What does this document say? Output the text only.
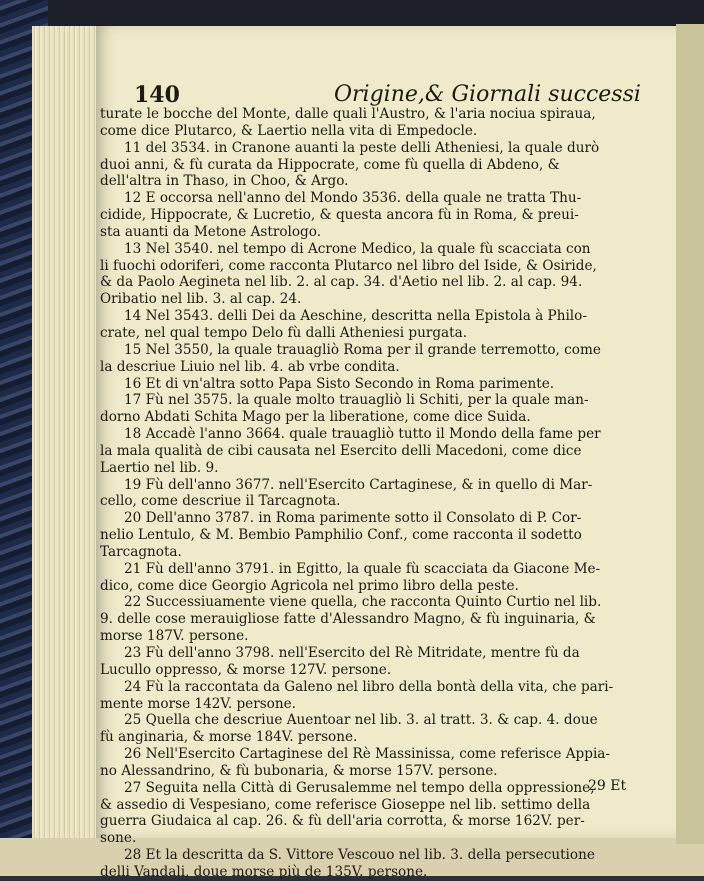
140	Origine,& Giornali successi
turate le bocche del Monte, dalle quali l'Austro, & l'aria nociua spiraua,
come dice Plutarco, & Laertio nella vita di Empedocle.
11 del 3534. in Cranone auanti la peste delli Atheniesi, la quale durò
duoi anni, & fù curata da Hippocrate, come fù quella di Abdeno, &
dell'altra in Thaso, in Choo, & Argo.
12 E occorsa nell'anno del Mondo 3536. della quale ne tratta Thu-
cidide, Hippocrate, & Lucretio, & questa ancora fù in Roma, & preui-
sta auanti da Metone Astrologo.
13 Nel 3540. nel tempo di Acrone Medico, la quale fù scacciata con
li fuochi odoriferi, come racconta Plutarco nel libro del Iside, & Osiride,
& da Paolo Aegineta nel lib. 2. al cap. 34. d'Aetio nel lib. 2. al cap. 94.
Oribatio nel lib. 3. al cap. 24.
14 Nel 3543. delli Dei da Aeschine, descritta nella Epistola à Philo-
crate, nel qual tempo Delo fù dalli Atheniesi purgata.
15 Nel 3550, la quale trauagliò Roma per il grande terremotto, come
la descriue Liuio nel lib. 4. ab vrbe condita.
16 Et di vn'altra sotto Papa Sisto Secondo in Roma parimente.
17 Fù nel 3575. la quale molto trauagliò li Schiti, per la quale man-
dorno Abdati Schita Mago per la liberatione, come dice Suida.
18 Accadè l'anno 3664. quale trauagliò tutto il Mondo della fame per
la mala qualità de cibi causata nel Esercito delli Macedoni, come dice
Laertio nel lib. 9.
19 Fù dell'anno 3677. nell'Esercito Cartaginese, & in quello di Mar-
cello, come descriue il Tarcagnota.
20 Dell'anno 3787. in Roma parimente sotto il Consolato di P. Cor-
nelio Lentulo, & M. Bembio Pamphilio Conf., come racconta il sodetto
Tarcagnota.
21 Fù dell'anno 3791. in Egitto, la quale fù scacciata da Giacone Me-
dico, come dice Georgio Agricola nel primo libro della peste.
22 Successiuamente viene quella, che racconta Quinto Curtio nel lib.
9. delle cose merauigliose fatte d'Alessandro Magno, & fù inguinaria, &
morse 187V. persone.
23 Fù dell'anno 3798. nell'Esercito del Rè Mitridate, mentre fù da
Lucullo oppresso, & morse 127V. persone.
24 Fù la raccontata da Galeno nel libro della bontà della vita, che pari-
mente morse 142V. persone.
25 Quella che descriue Auentoar nel lib. 3. al tratt. 3. & cap. 4. doue
fù anginaria, & morse 184V. persone.
26 Nell'Esercito Cartaginese del Rè Massinissa, come referisce Appia-
no Alessandrino, & fù bubonaria, & morse 157V. persone.
27 Seguita nella Città di Gerusalemme nel tempo della oppressione,
& assedio di Vespesiano, come referisce Gioseppe nel lib. settimo della
guerra Giudaica al cap. 26. & fù dell'aria corrotta, & morse 162V. per-
sone.
28 Et la descritta da S. Vittore Vescouo nel lib. 3. della persecutione
delli Vandali, doue morse più de 135V. persone.
29 Et
